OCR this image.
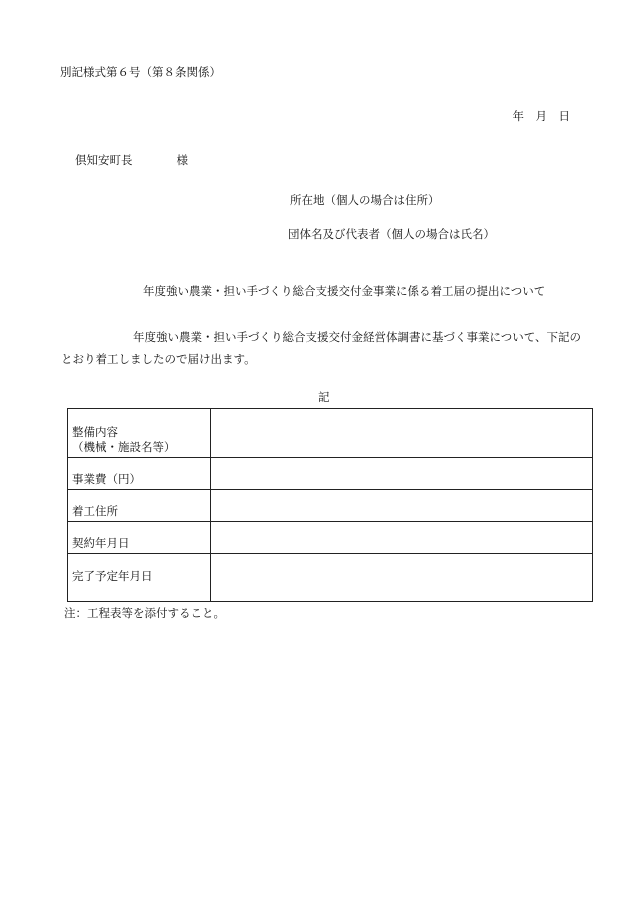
別記様式第６号（第８条関係）
年　月　日
倶知安町長	様
所在地（個人の場合は住所）
団体名及び代表者（個人の場合は氏名）
年度強い農業・担い手づくり総合支援交付金事業に係る着工届の提出について
年度強い農業・担い手づくり総合支援交付金経営体調書に基づく事業について、下記のとおり着工しましたので届け出ます。
記
整備内容
（機械・施設名等）	

事業費（円）	
着工住所	
契約年月日	
完了予定年月日	
注：工程表等を添付すること。
